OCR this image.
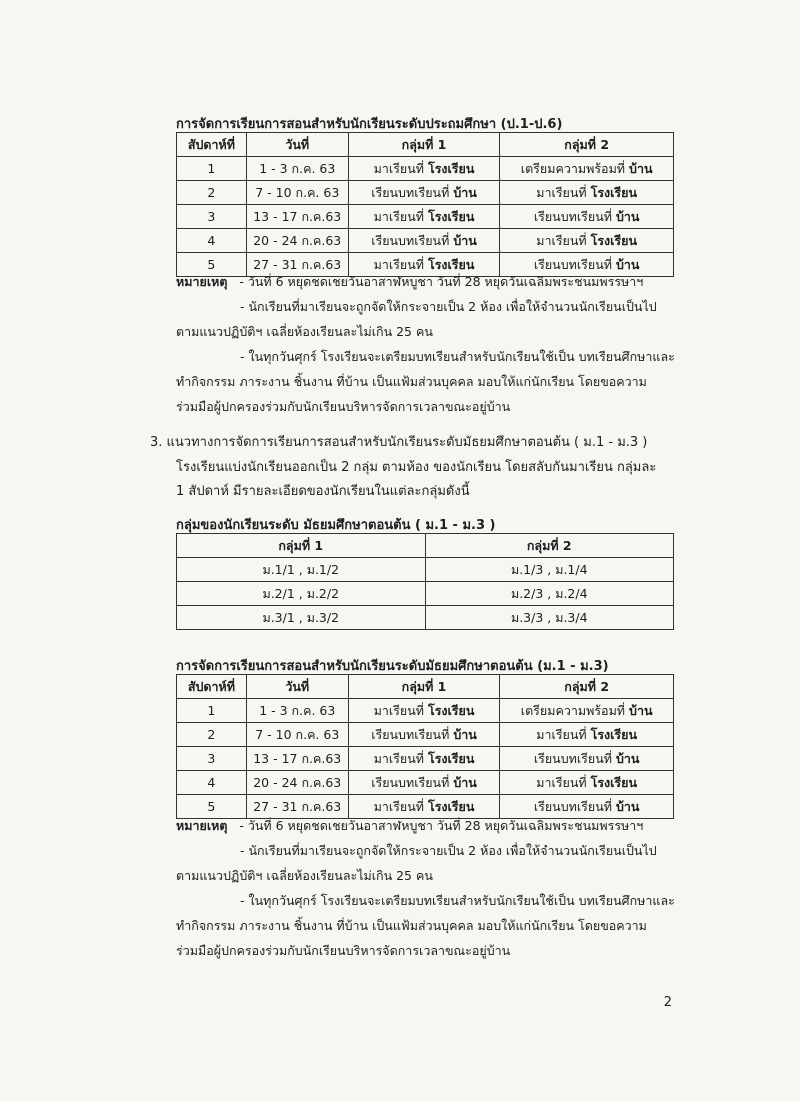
การจัดการเรียนการสอนสำหรับนักเรียนระดับประถมศึกษา (ป.1-ป.6)
สัปดาห์ที่	วันที่	กลุ่มที่ 1	กลุ่มที่ 2
1	1 - 3 ก.ค. 63	มาเรียนที่ โรงเรียน	เตรียมความพร้อมที่ บ้าน
2	7 - 10 ก.ค. 63	เรียนบทเรียนที่ บ้าน	มาเรียนที่ โรงเรียน
3	13 - 17 ก.ค.63	มาเรียนที่ โรงเรียน	เรียนบทเรียนที่ บ้าน
4	20 - 24 ก.ค.63	เรียนบทเรียนที่ บ้าน	มาเรียนที่ โรงเรียน
5	27 - 31 ก.ค.63	มาเรียนที่ โรงเรียน	เรียนบทเรียนที่ บ้าน
หมายเหตุ - วันที่ 6 หยุดชดเชยวันอาสาฬหบูชา วันที่ 28 หยุดวันเฉลิมพระชนมพรรษาฯ
- นักเรียนที่มาเรียนจะถูกจัดให้กระจายเป็น 2 ห้อง เพื่อให้จำนวนนักเรียนเป็นไป
ตามแนวปฏิบัติฯ เฉลี่ยห้องเรียนละไม่เกิน 25 คน
- ในทุกวันศุกร์ โรงเรียนจะเตรียมบทเรียนสำหรับนักเรียนใช้เป็น บทเรียนศึกษาและ
ทำกิจกรรม ภาระงาน ชิ้นงาน ที่บ้าน เป็นแฟ้มส่วนบุคคล มอบให้แก่นักเรียน โดยขอความ
ร่วมมือผู้ปกครองร่วมกับนักเรียนบริหารจัดการเวลาขณะอยู่บ้าน
3. แนวทางการจัดการเรียนการสอนสำหรับนักเรียนระดับมัธยมศึกษาตอนต้น ( ม.1 - ม.3 )
โรงเรียนแบ่งนักเรียนออกเป็น 2 กลุ่ม ตามห้อง ของนักเรียน โดยสลับกันมาเรียน กลุ่มละ
1 สัปดาห์ มีรายละเอียดของนักเรียนในแต่ละกลุ่มดังนี้
กลุ่มของนักเรียนระดับ มัธยมศึกษาตอนต้น ( ม.1 - ม.3 )
กลุ่มที่ 1	กลุ่มที่ 2
ม.1/1 , ม.1/2	ม.1/3 , ม.1/4
ม.2/1 , ม.2/2	ม.2/3 , ม.2/4
ม.3/1 , ม.3/2	ม.3/3 , ม.3/4
การจัดการเรียนการสอนสำหรับนักเรียนระดับมัธยมศึกษาตอนต้น (ม.1 - ม.3)
สัปดาห์ที่	วันที่	กลุ่มที่ 1	กลุ่มที่ 2
1	1 - 3 ก.ค. 63	มาเรียนที่ โรงเรียน	เตรียมความพร้อมที่ บ้าน
2	7 - 10 ก.ค. 63	เรียนบทเรียนที่ บ้าน	มาเรียนที่ โรงเรียน
3	13 - 17 ก.ค.63	มาเรียนที่ โรงเรียน	เรียนบทเรียนที่ บ้าน
4	20 - 24 ก.ค.63	เรียนบทเรียนที่ บ้าน	มาเรียนที่ โรงเรียน
5	27 - 31 ก.ค.63	มาเรียนที่ โรงเรียน	เรียนบทเรียนที่ บ้าน
หมายเหตุ - วันที่ 6 หยุดชดเชยวันอาสาฬหบูชา วันที่ 28 หยุดวันเฉลิมพระชนมพรรษาฯ
- นักเรียนที่มาเรียนจะถูกจัดให้กระจายเป็น 2 ห้อง เพื่อให้จำนวนนักเรียนเป็นไป
ตามแนวปฏิบัติฯ เฉลี่ยห้องเรียนละไม่เกิน 25 คน
- ในทุกวันศุกร์ โรงเรียนจะเตรียมบทเรียนสำหรับนักเรียนใช้เป็น บทเรียนศึกษาและ
ทำกิจกรรม ภาระงาน ชิ้นงาน ที่บ้าน เป็นแฟ้มส่วนบุคคล มอบให้แก่นักเรียน โดยขอความ
ร่วมมือผู้ปกครองร่วมกับนักเรียนบริหารจัดการเวลาขณะอยู่บ้าน
2
